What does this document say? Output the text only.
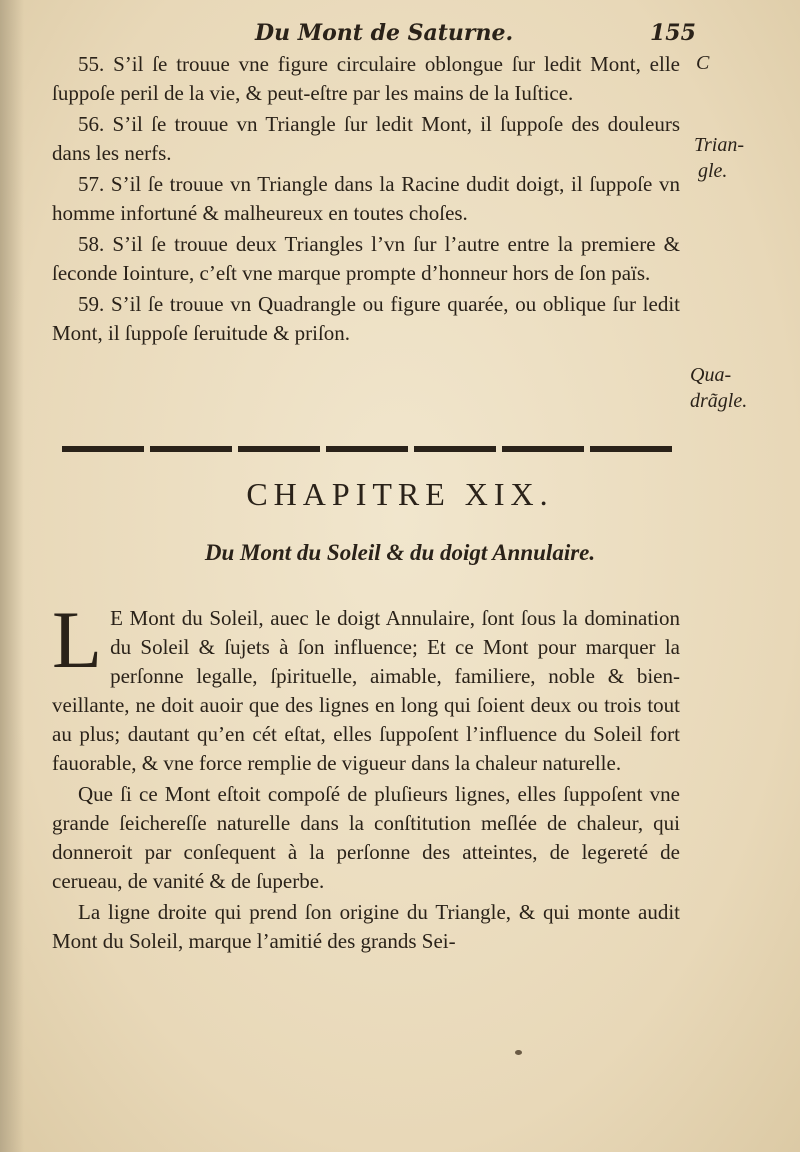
Du Mont de Saturne.	155
C
Trian-
gle.
Qua-
drãgle.

55. S’il ſe trouue vne figure circulaire oblongue ſur ledit Mont, elle ſuppoſe peril de la vie, & peut-eſtre par les mains de la Iuſtice.

56. S’il ſe trouue vn Triangle ſur ledit Mont, il ſuppoſe des douleurs dans les nerfs.

57. S’il ſe trouue vn Triangle dans la Racine dudit doigt, il ſuppoſe vn homme infortuné & malheureux en toutes choſes.

58. S’il ſe trouue deux Triangles l’vn ſur l’autre entre la premiere & ſeconde Iointure, c’eſt vne marque prompte d’honneur hors de ſon païs.

59. S’il ſe trouue vn Quadrangle ou figure quarée, ou oblique ſur ledit Mont, il ſuppoſe ſeruitude & priſon.

CHAPITRE XIX.
Du Mont du Soleil & du doigt Annulaire.

L E Mont du Soleil, auec le doigt Annulaire, ſont ſous la domination du Soleil & ſujets à ſon influence; Et ce Mont pour marquer la perſonne legalle, ſpirituelle, aimable, familiere, noble & bien-veillante, ne doit auoir que des lignes en long qui ſoient deux ou trois tout au plus; dautant qu’en cét eſtat, elles ſuppoſent l’influence du Soleil fort fauorable, & vne force remplie de vigueur dans la chaleur naturelle.

Que ſi ce Mont eſtoit compoſé de pluſieurs lignes, elles ſuppoſent vne grande ſeichereſſe naturelle dans la conſtitution meſlée de chaleur, qui donneroit par conſequent à la perſonne des atteintes, de legereté de cerueau, de vanité & de ſuperbe.

La ligne droite qui prend ſon origine du Triangle, & qui monte audit Mont du Soleil, marque l’amitié des grands Sei-
